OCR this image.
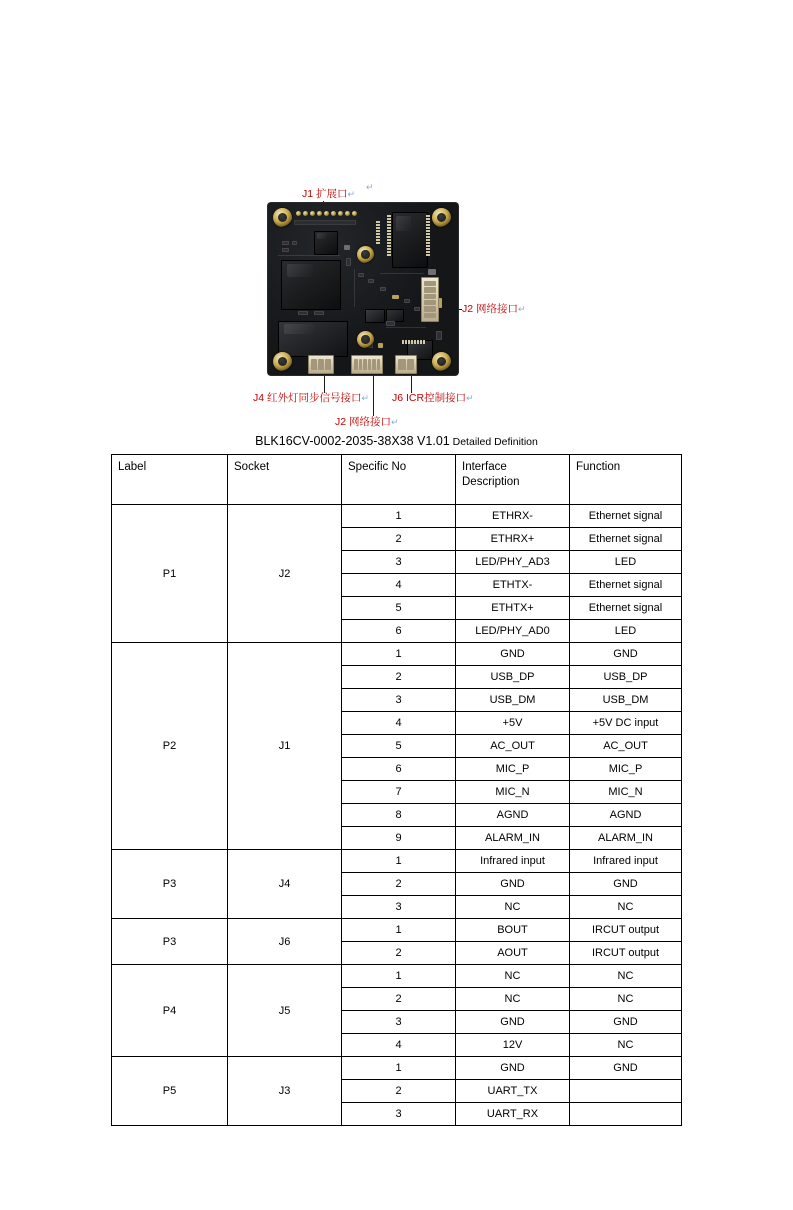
J1 扩展口↵
↵
J2 网络接口↵
J4 红外灯同步信号接口↵ J6 ICR控制接口↵
J2 网络接口↵
BLK16CV-0002-2035-38X38 V1.01 Detailed Definition
Label	Socket	Specific No	Interface Description	Function
P1	J2	1	ETHRX-	Ethernet signal
		2	ETHRX+	Ethernet signal
		3	LED/PHY_AD3	LED
		4	ETHTX-	Ethernet signal
		5	ETHTX+	Ethernet signal
		6	LED/PHY_AD0	LED
P2	J1	1	GND	GND
		2	USB_DP	USB_DP
		3	USB_DM	USB_DM
		4	+5V	+5V DC input
		5	AC_OUT	AC_OUT
		6	MIC_P	MIC_P
		7	MIC_N	MIC_N
		8	AGND	AGND
		9	ALARM_IN	ALARM_IN
P3	J4	1	Infrared input	Infrared input
		2	GND	GND
		3	NC	NC
P3	J6	1	BOUT	IRCUT output
		2	AOUT	IRCUT output
P4	J5	1	NC	NC
		2	NC	NC
		3	GND	GND
		4	12V	NC
P5	J3	1	GND	GND
		2	UART_TX	
		3	UART_RX	
